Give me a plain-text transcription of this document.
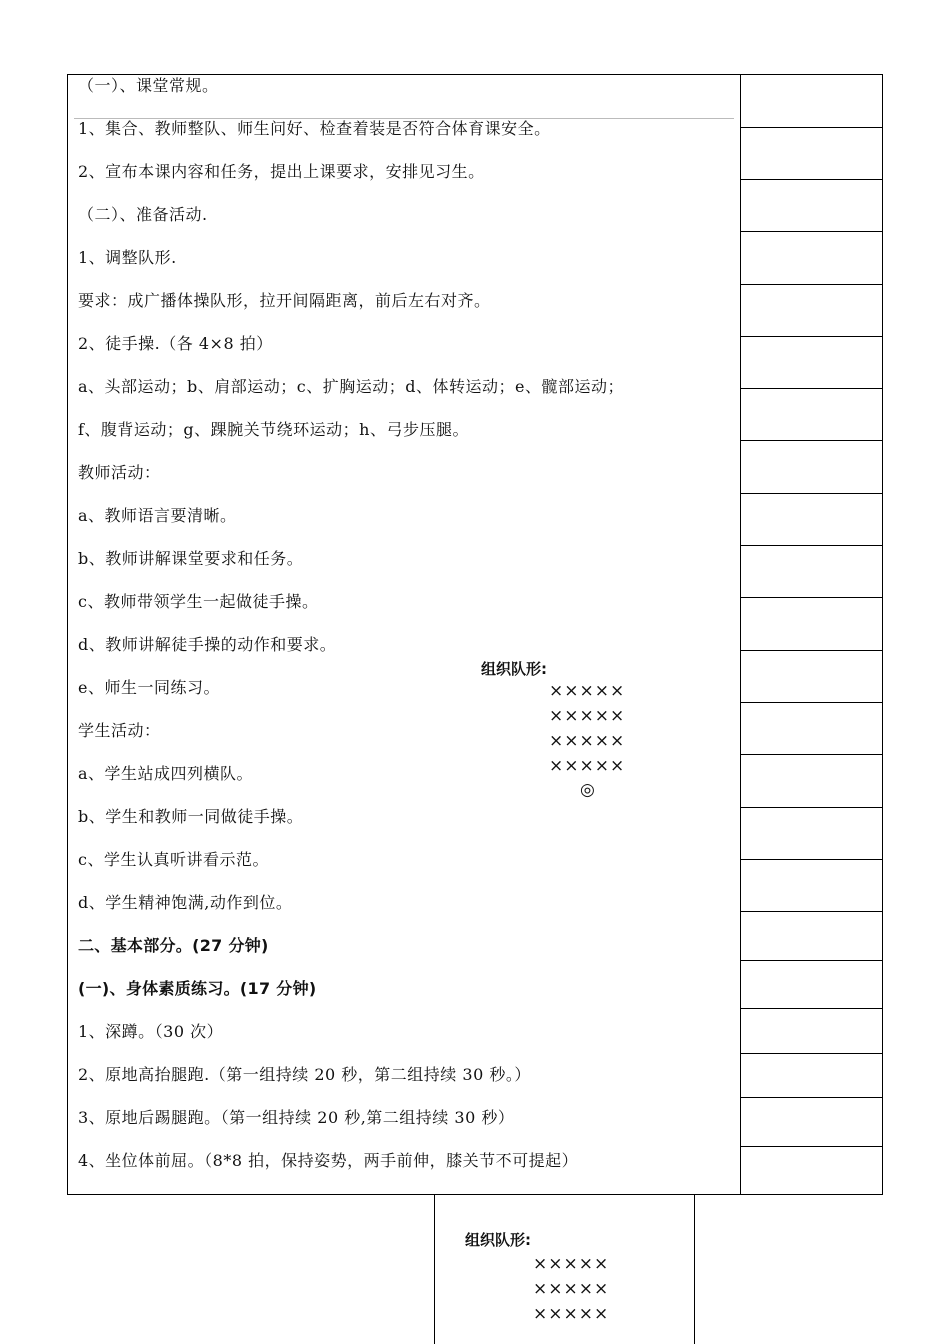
（一）、课堂常规。
1、集合、教师整队、师生问好、检查着装是否符合体育课安全。
2、宣布本课内容和任务，提出上课要求，安排见习生。
（二）、准备活动.
1、调整队形.
要求：成广播体操队形，拉开间隔距离，前后左右对齐。
2、徒手操.（各 4×8 拍）
a、头部运动；b、肩部运动；c、扩胸运动；d、体转运动；e、髋部运动；
f、腹背运动；g、踝腕关节绕环运动；h、弓步压腿。
教师活动：
a、教师语言要清晰。
b、教师讲解课堂要求和任务。
c、教师带领学生一起做徒手操。
d、教师讲解徒手操的动作和要求。
e、师生一同练习。
学生活动：
a、学生站成四列横队。
b、学生和教师一同做徒手操。
c、学生认真听讲看示范。
d、学生精神饱满,动作到位。
二、基本部分。(27 分钟)
(一)、身体素质练习。(17 分钟)
1、深蹲。（30 次）
2、原地高抬腿跑.（第一组持续 20 秒，第二组持续 30 秒。）
3、原地后踢腿跑。（第一组持续 20 秒,第二组持续 30 秒）
4、坐位体前屈。（8*8 拍，保持姿势，两手前伸，膝关节不可提起）
组织队形:
×××××
×××××
×××××
×××××
◎
组织队形:
×××××
×××××
×××××
